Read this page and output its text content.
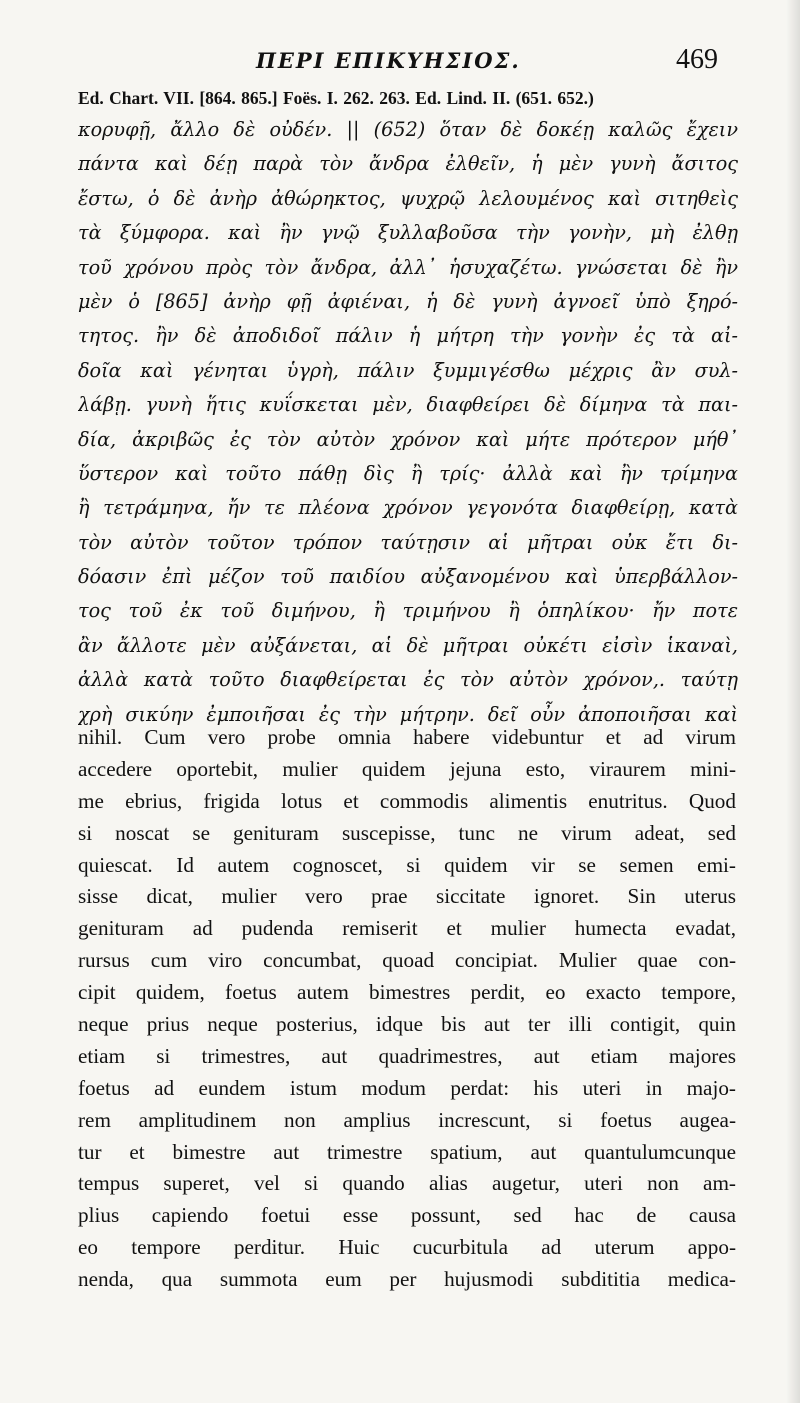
ΠΕΡΙ ΕΠΙΚΥΗΣΙΟΣ.	469
Ed. Chart. VII. [864. 865.] Foës. I. 262. 263. Ed. Lind. II. (651. 652.)
κορυφῇ, ἄλλο δὲ οὐδέν. || (652) ὅταν δὲ δοκέῃ καλῶς ἔχειν
πάντα καὶ δέῃ παρὰ τὸν ἄνδρα ἐλθεῖν, ἡ μὲν γυνὴ ἄσιτος
ἔστω, ὁ δὲ ἀνὴρ ἀθώρηκτος, ψυχρῷ λελουμένος καὶ σιτηθεὶς
τὰ ξύμφορα. καὶ ἢν γνῷ ξυλλαβοῦσα τὴν γονὴν, μὴ ἐλθῃ
τοῦ χρόνου πρὸς τὸν ἄνδρα, ἀλλ᾽ ἡσυχαζέτω. γνώσεται δὲ ἢν
μὲν ὁ [865] ἀνὴρ φῇ ἀφιέναι, ἡ δὲ γυνὴ ἀγνοεῖ ὑπὸ ξηρό-
τητος. ἢν δὲ ἀποδιδοῖ πάλιν ἡ μήτρη τὴν γονὴν ἐς τὰ αἰ-
δοῖα καὶ γένηται ὑγρὴ, πάλιν ξυμμιγέσθω μέχρις ἂν συλ-
λάβῃ. γυνὴ ἥτις κυΐσκεται μὲν, διαφθείρει δὲ δίμηνα τὰ παι-
δία, ἀκριβῶς ἐς τὸν αὐτὸν χρόνον καὶ μήτε πρότερον μήθ᾽
ὕστερον καὶ τοῦτο πάθῃ δὶς ἢ τρίς· ἀλλὰ καὶ ἢν τρίμηνα
ἢ τετράμηνα, ἤν τε πλέονα χρόνον γεγονότα διαφθείρῃ, κατὰ
τὸν αὐτὸν τοῦτον τρόπον ταύτῃσιν αἱ μῆτραι οὐκ ἔτι δι-
δόασιν ἐπὶ μέζον τοῦ παιδίου αὐξανομένου καὶ ὑπερβάλλον-
τος τοῦ ἐκ τοῦ διμήνου, ἢ τριμήνου ἢ ὁπηλίκου· ἤν ποτε
ἂν ἄλλοτε μὲν αὐξάνεται, αἱ δὲ μῆτραι οὐκέτι εἰσὶν ἱκαναὶ,
ἀλλὰ κατὰ τοῦτο διαφθείρεται ἐς τὸν αὐτὸν χρόνον,. ταύτῃ
χρὴ σικύην ἐμποιῆσαι ἐς τὴν μήτρην. δεῖ οὖν ἀποποιῆσαι καὶ
nihil. Cum vero probe omnia habere videbuntur et ad virum
accedere oportebit, mulier quidem jejuna esto, viraurem mini-
me ebrius, frigida lotus et commodis alimentis enutritus. Quod
si noscat se genituram suscepisse, tunc ne virum adeat, sed
quiescat. Id autem cognoscet, si quidem vir se semen emi-
sisse dicat, mulier vero prae siccitate ignoret. Sin uterus
genituram ad pudenda remiserit et mulier humecta evadat,
rursus cum viro concumbat, quoad concipiat. Mulier quae con-
cipit quidem, foetus autem bimestres perdit, eo exacto tempore,
neque prius neque posterius, idque bis aut ter illi contigit, quin
etiam si trimestres, aut quadrimestres, aut etiam majores
foetus ad eundem istum modum perdat: his uteri in majo-
rem amplitudinem non amplius increscunt, si foetus augea-
tur et bimestre aut trimestre spatium, aut quantulumcunque
tempus superet, vel si quando alias augetur, uteri non am-
plius capiendo foetui esse possunt, sed hac de causa
eo tempore perditur. Huic cucurbitula ad uterum appo-
nenda, qua summota eum per hujusmodi subdititia medica-
